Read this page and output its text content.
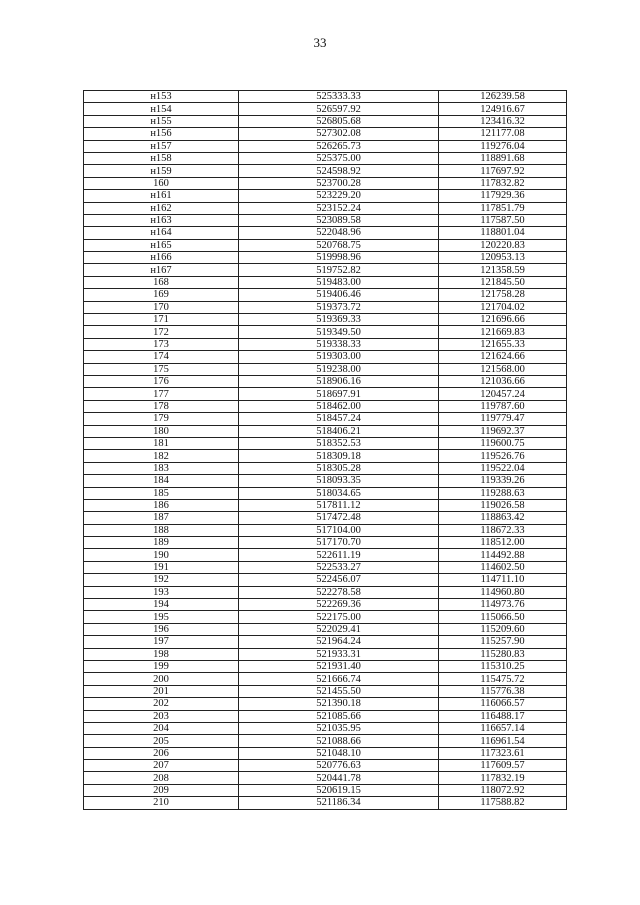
33
н153	525333.33	126239.58
н154	526597.92	124916.67
н155	526805.68	123416.32
н156	527302.08	121177.08
н157	526265.73	119276.04
н158	525375.00	118891.68
н159	524598.92	117697.92
160	523700.28	117832.82
н161	523229.20	117929.36
н162	523152.24	117851.79
н163	523089.58	117587.50
н164	522048.96	118801.04
н165	520768.75	120220.83
н166	519998.96	120953.13
н167	519752.82	121358.59
168	519483.00	121845.50
169	519406.46	121758.28
170	519373.72	121704.02
171	519369.33	121696.66
172	519349.50	121669.83
173	519338.33	121655.33
174	519303.00	121624.66
175	519238.00	121568.00
176	518906.16	121036.66
177	518697.91	120457.24
178	518462.00	119787.60
179	518457.24	119779.47
180	518406.21	119692.37
181	518352.53	119600.75
182	518309.18	119526.76
183	518305.28	119522.04
184	518093.35	119339.26
185	518034.65	119288.63
186	517811.12	119026.58
187	517472.48	118863.42
188	517104.00	118672.33
189	517170.70	118512.00
190	522611.19	114492.88
191	522533.27	114602.50
192	522456.07	114711.10
193	522278.58	114960.80
194	522269.36	114973.76
195	522175.00	115066.50
196	522029.41	115209.60
197	521964.24	115257.90
198	521933.31	115280.83
199	521931.40	115310.25
200	521666.74	115475.72
201	521455.50	115776.38
202	521390.18	116066.57
203	521085.66	116488.17
204	521035.95	116657.14
205	521088.66	116961.54
206	521048.10	117323.61
207	520776.63	117609.57
208	520441.78	117832.19
209	520619.15	118072.92
210	521186.34	117588.82
